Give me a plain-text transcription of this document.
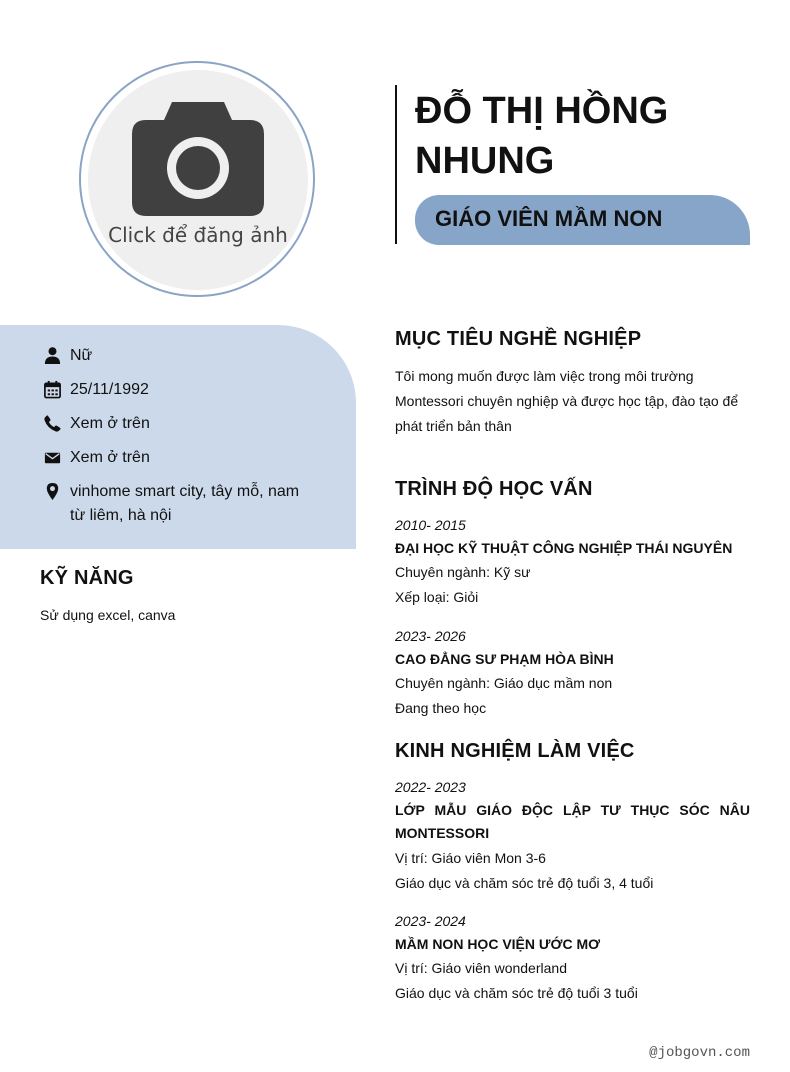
Click để đăng ảnh
ĐỖ THỊ HỒNG NHUNG
GIÁO VIÊN MẦM NON
Nữ
25/11/1992
Xem ở trên
Xem ở trên
vinhome smart city, tây mỗ, nam từ liêm, hà nội
KỸ NĂNG
Sử dụng excel, canva
MỤC TIÊU NGHỀ NGHIỆP
Tôi mong muốn được làm việc trong môi trường Montessori chuyên nghiệp và được học tập, đào tạo để phát triển bản thân
TRÌNH ĐỘ HỌC VẤN
2010- 2015
ĐẠI HỌC KỸ THUẬT CÔNG NGHIỆP THÁI NGUYÊN
Chuyên ngành: Kỹ sư
Xếp loại: Giỏi
2023- 2026
CAO ĐẲNG SƯ PHẠM HÒA BÌNH
Chuyên ngành: Giáo dục mầm non
Đang theo học
KINH NGHIỆM LÀM VIỆC
2022- 2023
LỚP MẪU GIÁO ĐỘC LẬP TƯ THỤC SÓC NÂU MONTESSORI
Vị trí: Giáo viên Mon 3-6
Giáo dục và chăm sóc trẻ độ tuổi 3, 4 tuổi
2023- 2024
MẦM NON HỌC VIỆN ƯỚC MƠ
Vị trí: Giáo viên wonderland
Giáo dục và chăm sóc trẻ độ tuổi 3 tuổi
@jobgovn.com
